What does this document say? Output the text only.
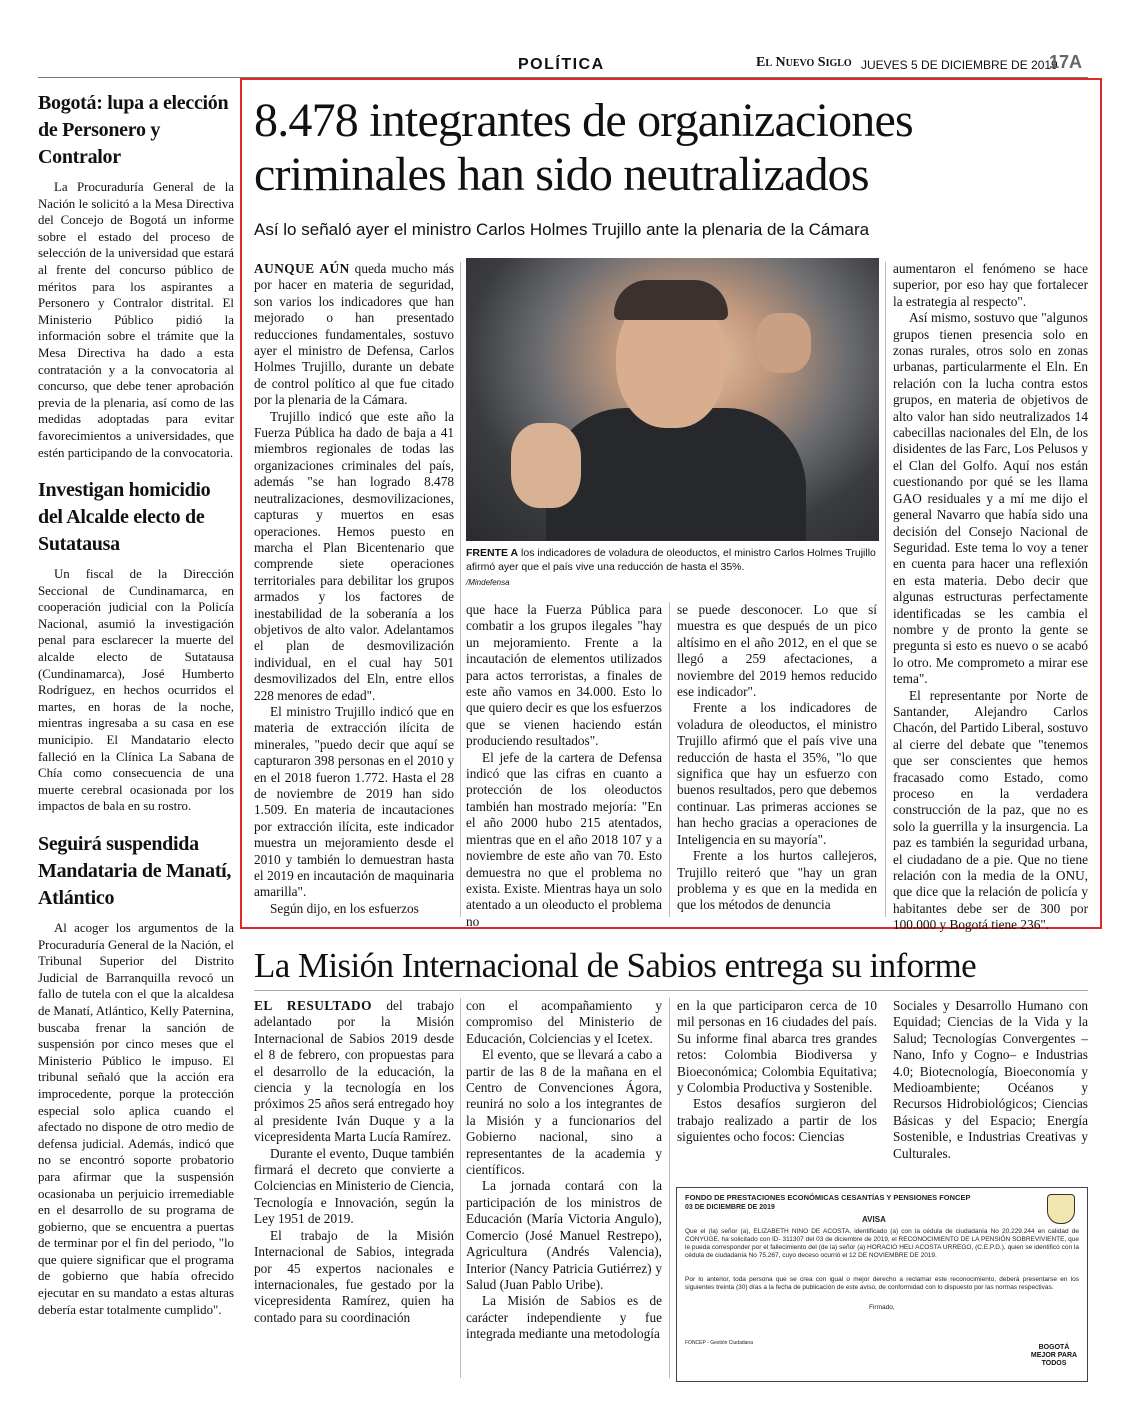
POLÍTICA	El Nuevo Siglo JUEVES 5 DE DICIEMBRE DE 2019
17A
Bogotá: lupa a elección de Personero y Contralor

La Procuraduría General de la Nación le solicitó a la Mesa Directiva del Concejo de Bogotá un informe sobre el estado del proceso de selección de la universidad que estará al frente del concurso público de méritos para los aspirantes a Personero y Contralor distrital. El Ministerio Público pidió la información sobre el trámite que la Mesa Directiva ha dado a esta contratación y a la convocatoria al concurso, que debe tener aprobación previa de la plenaria, así como de las medidas adoptadas para evitar favorecimientos a universidades, que estén participando de la convocatoria.

Investigan homicidio del Alcalde electo de Sutatausa

Un fiscal de la Dirección Seccional de Cundinamarca, en cooperación judicial con la Policía Nacional, asumió la investigación penal para esclarecer la muerte del alcalde electo de Sutatausa (Cundinamarca), José Humberto Rodríguez, en hechos ocurridos el martes, en horas de la noche, mientras ingresaba a su casa en ese municipio. El Mandatario electo falleció en la Clínica La Sabana de Chía como consecuencia de una muerte cerebral ocasionada por los impactos de bala en su rostro.

Seguirá suspendida Mandataria de Manatí, Atlántico

Al acoger los argumentos de la Procuraduría General de la Nación, el Tribunal Superior del Distrito Judicial de Barranquilla revocó un fallo de tutela con el que la alcaldesa de Manatí, Atlántico, Kelly Paternina, buscaba frenar la sanción de suspensión por cinco meses que el Ministerio Público le impuso. El tribunal señaló que la acción era improcedente, porque la protección especial solo aplica cuando el afectado no dispone de otro medio de defensa judicial. Además, indicó que no se encontró soporte probatorio para afirmar que la suspensión ocasionaba un perjuicio irremediable en el desarrollo de su programa de gobierno, que se encuentra a puertas de terminar por el fin del periodo, "lo que quiere significar que el programa de gobierno que había ofrecido ejecutar en su mandato a estas alturas debería estar totalmente cumplido".

8.478 integrantes de organizaciones criminales han sido neutralizados
Así lo señaló ayer el ministro Carlos Holmes Trujillo ante la plenaria de la Cámara
FRENTE A los indicadores de voladura de oleoductos, el ministro Carlos Holmes Trujillo afirmó ayer que el país vive una reducción de hasta el 35%.
/Mindefensa

AUNQUE AÚN queda mucho más por hacer en materia de seguridad, son varios los indicadores que han mejorado o han presentado reducciones fundamentales, sostuvo ayer el ministro de Defensa, Carlos Holmes Trujillo, durante un debate de control político al que fue citado por la plenaria de la Cámara.

Trujillo indicó que este año la Fuerza Pública ha dado de baja a 41 miembros regionales de todas las organizaciones criminales del país, además "se han logrado 8.478 neutralizaciones, desmovilizaciones, capturas y muertos en esas operaciones. Hemos puesto en marcha el Plan Bicentenario que comprende siete operaciones territoriales para debilitar los grupos armados y los factores de inestabilidad de la soberanía a los objetivos de alto valor. Adelantamos el plan de desmovilización individual, en el cual hay 501 desmovilizados del Eln, entre ellos 228 menores de edad".

El ministro Trujillo indicó que en materia de extracción ilícita de minerales, "puedo decir que aquí se capturaron 398 personas en el 2010 y en el 2018 fueron 1.772. Hasta el 28 de noviembre de 2019 han sido 1.509. En materia de incautaciones por extracción ilícita, este indicador muestra un mejoramiento desde el 2010 y también lo demuestran hasta el 2019 en incautación de maquinaria amarilla".

Según dijo, en los esfuerzos

que hace la Fuerza Pública para combatir a los grupos ilegales "hay un mejoramiento. Frente a la incautación de elementos utilizados para actos terroristas, a finales de este año vamos en 34.000. Esto lo que quiero decir es que los esfuerzos que se vienen haciendo están produciendo resultados".

El jefe de la cartera de Defensa indicó que las cifras en cuanto a protección de los oleoductos también han mostrado mejoría: "En el año 2000 hubo 215 atentados, mientras que en el año 2018 107 y a noviembre de este año van 70. Esto demuestra no que el problema no exista. Existe. Mientras haya un solo atentado a un oleoducto el problema no

se puede desconocer. Lo que sí muestra es que después de un pico altísimo en el año 2012, en el que se llegó a 259 afectaciones, a noviembre del 2019 hemos reducido ese indicador".

Frente a los indicadores de voladura de oleoductos, el ministro Trujillo afirmó que el país vive una reducción de hasta el 35%, "lo que significa que hay un esfuerzo con buenos resultados, pero que debemos continuar. Las primeras acciones se han hecho gracias a operaciones de Inteligencia en su mayoría".

Frente a los hurtos callejeros, Trujillo reiteró que "hay un gran problema y es que en la medida en que los métodos de denuncia

aumentaron el fenómeno se hace superior, por eso hay que fortalecer la estrategia al respecto".

Así mismo, sostuvo que "algunos grupos tienen presencia solo en zonas rurales, otros solo en zonas urbanas, particularmente el Eln. En relación con la lucha contra estos grupos, en materia de objetivos de alto valor han sido neutralizados 14 cabecillas nacionales del Eln, de los disidentes de las Farc, Los Pelusos y el Clan del Golfo. Aquí nos están cuestionando por qué se les llama GAO residuales y a mí me dijo el general Navarro que había sido una decisión del Consejo Nacional de Seguridad. Este tema lo voy a tener en cuenta para hacer una reflexión en esta materia. Debo decir que algunas estructuras perfectamente identificadas se les cambia el nombre y de pronto la gente se pregunta si esto es nuevo o se acabó lo otro. Me comprometo a mirar ese tema".

El representante por Norte de Santander, Alejandro Carlos Chacón, del Partido Liberal, sostuvo al cierre del debate que "tenemos que ser conscientes que hemos fracasado como Estado, como proceso en la verdadera construcción de la paz, que no es solo la guerrilla y la insurgencia. La paz es también la seguridad urbana, el ciudadano de a pie. Que no tiene relación con la media de la ONU, que dice que la relación de policía y habitantes debe ser de 300 por 100.000 y Bogotá tiene 236".

La Misión Internacional de Sabios entrega su informe

EL RESULTADO del trabajo adelantado por la Misión Internacional de Sabios 2019 desde el 8 de febrero, con propuestas para el desarrollo de la educación, la ciencia y la tecnología en los próximos 25 años será entregado hoy al presidente Iván Duque y a la vicepresidenta Marta Lucía Ramírez.

Durante el evento, Duque también firmará el decreto que convierte a Colciencias en Ministerio de Ciencia, Tecnología e Innovación, según la Ley 1951 de 2019.

El trabajo de la Misión Internacional de Sabios, integrada por 45 expertos nacionales e internacionales, fue gestado por la vicepresidenta Ramírez, quien ha contado para su coordinación

con el acompañamiento y compromiso del Ministerio de Educación, Colciencias y el Icetex.

El evento, que se llevará a cabo a partir de las 8 de la mañana en el Centro de Convenciones Ágora, reunirá no solo a los integrantes de la Misión y a funcionarios del Gobierno nacional, sino a representantes de la academia y científicos.

La jornada contará con la participación de los ministros de Educación (María Victoria Angulo), Comercio (José Manuel Restrepo), Agricultura (Andrés Valencia), Interior (Nancy Patricia Gutiérrez) y Salud (Juan Pablo Uribe).

La Misión de Sabios es de carácter independiente y fue integrada mediante una metodología

en la que participaron cerca de 10 mil personas en 16 ciudades del país. Su informe final abarca tres grandes retos: Colombia Biodiversa y Bioeconómica; Colombia Equitativa; y Colombia Productiva y Sostenible.

Estos desafíos surgieron del trabajo realizado a partir de los siguientes ocho focos: Ciencias

Sociales y Desarrollo Humano con Equidad; Ciencias de la Vida y la Salud; Tecnologías Convergentes –Nano, Info y Cogno– e Industrias 4.0; Biotecnología, Bioeconomía y Medioambiente; Océanos y Recursos Hidrobiológicos; Ciencias Básicas y del Espacio; Energía Sostenible, e Industrias Creativas y Culturales.

FONDO DE PRESTACIONES ECONÓMICAS CESANTÍAS Y PENSIONES FONCEP
03 DE DICIEMBRE DE 2019
AVISA
Que el (la) señor (a), ELIZABETH NINO DE ACOSTA, identificado (a) con la cédula de ciudadanía No 20.229.244 en calidad de CONYUGE, ha solicitado con ID- 311307 del 03 de diciembre de 2019, el RECONOCIMIENTO DE LA PENSIÓN SOBREVIVIENTE, que le pueda corresponder por el fallecimiento del (de la) señor (a) HORACIO HELI ACOSTA URREGO, (C.E.P.D.), quien se identificó con la cédula de ciudadanía No 75.267, cuyo deceso ocurrió el 12 DE NOVIEMBRE DE 2019.
Por lo anterior, toda persona que se crea con igual o mejor derecho a reclamar este reconocimiento, deberá presentarse en los siguientes treinta (30) días a la fecha de publicación de este aviso, de conformidad con lo dispuesto por las normas respectivas.
Firmado,
FONCEP - Gestión Ciudadana
BOGOTÁ MEJOR PARA TODOS
